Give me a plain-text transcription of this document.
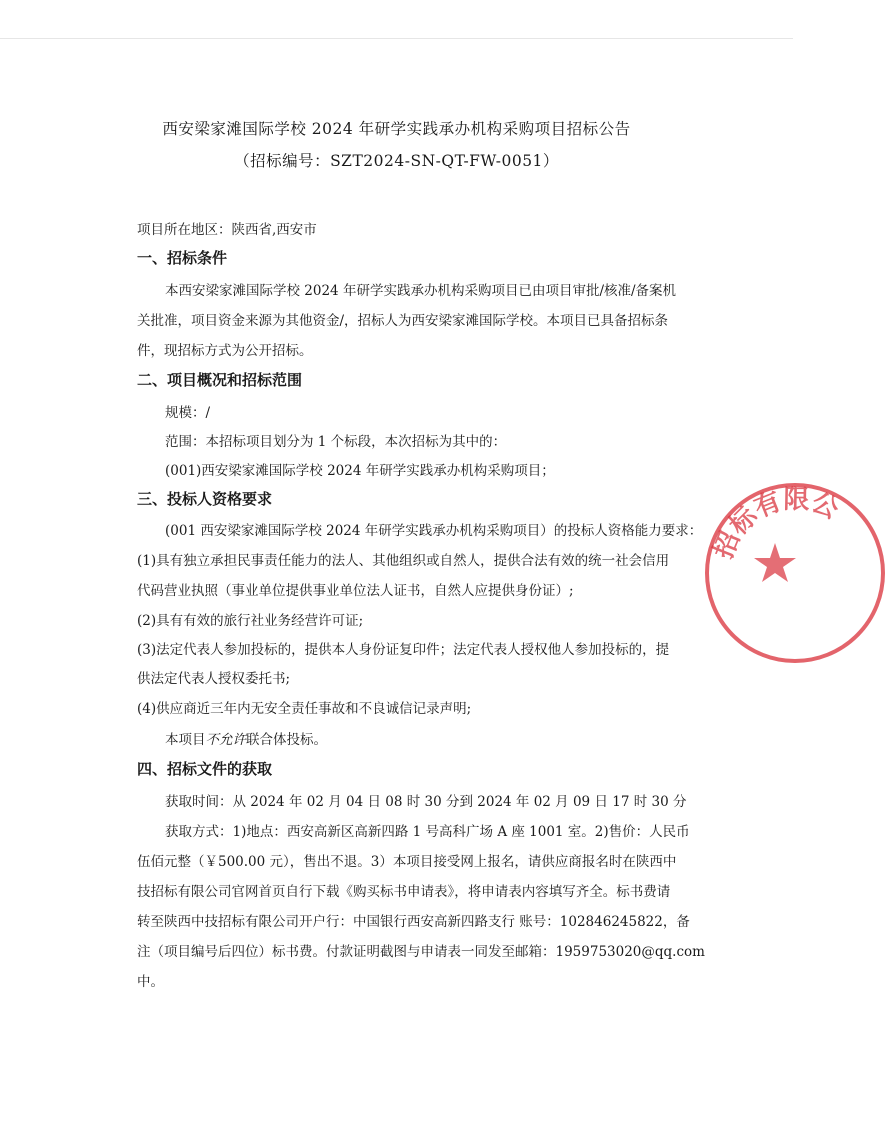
西安梁家滩国际学校 2024 年研学实践承办机构采购项目招标公告
（招标编号：SZT2024-SN-QT-FW-0051）
项目所在地区：陕西省,西安市
一、招标条件
本西安梁家滩国际学校 2024 年研学实践承办机构采购项目已由项目审批/核准/备案机
关批准，项目资金来源为其他资金/，招标人为西安梁家滩国际学校。本项目已具备招标条
件，现招标方式为公开招标。
二、项目概况和招标范围
规模：/
范围：本招标项目划分为 1 个标段，本次招标为其中的：
(001)西安梁家滩国际学校 2024 年研学实践承办机构采购项目；
三、投标人资格要求
(001 西安梁家滩国际学校 2024 年研学实践承办机构采购项目）的投标人资格能力要求：
(1)具有独立承担民事责任能力的法人、其他组织或自然人，提供合法有效的统一社会信用
代码营业执照（事业单位提供事业单位法人证书，自然人应提供身份证）;
(2)具有有效的旅行社业务经营许可证;
(3)法定代表人参加投标的，提供本人身份证复印件；法定代表人授权他人参加投标的，提
供法定代表人授权委托书;
(4)供应商近三年内无安全责任事故和不良诚信记录声明;
本项目不允许联合体投标。
四、招标文件的获取
获取时间：从 2024 年 02 月 04 日 08 时 30 分到 2024 年 02 月 09 日 17 时 30 分
获取方式：1)地点：西安高新区高新四路 1 号高科广场 A 座 1001 室。2)售价：人民币
伍佰元整（￥500.00 元），售出不退。3）本项目接受网上报名，请供应商报名时在陕西中
技招标有限公司官网首页自行下载《购买标书申请表》，将申请表内容填写齐全。标书费请
转至陕西中技招标有限公司开户行：中国银行西安高新四路支行 账号：102846245822，备
注（项目编号后四位）标书费。付款证明截图与申请表一同发至邮箱：1959753020@qq.com
中。
招标有限公
